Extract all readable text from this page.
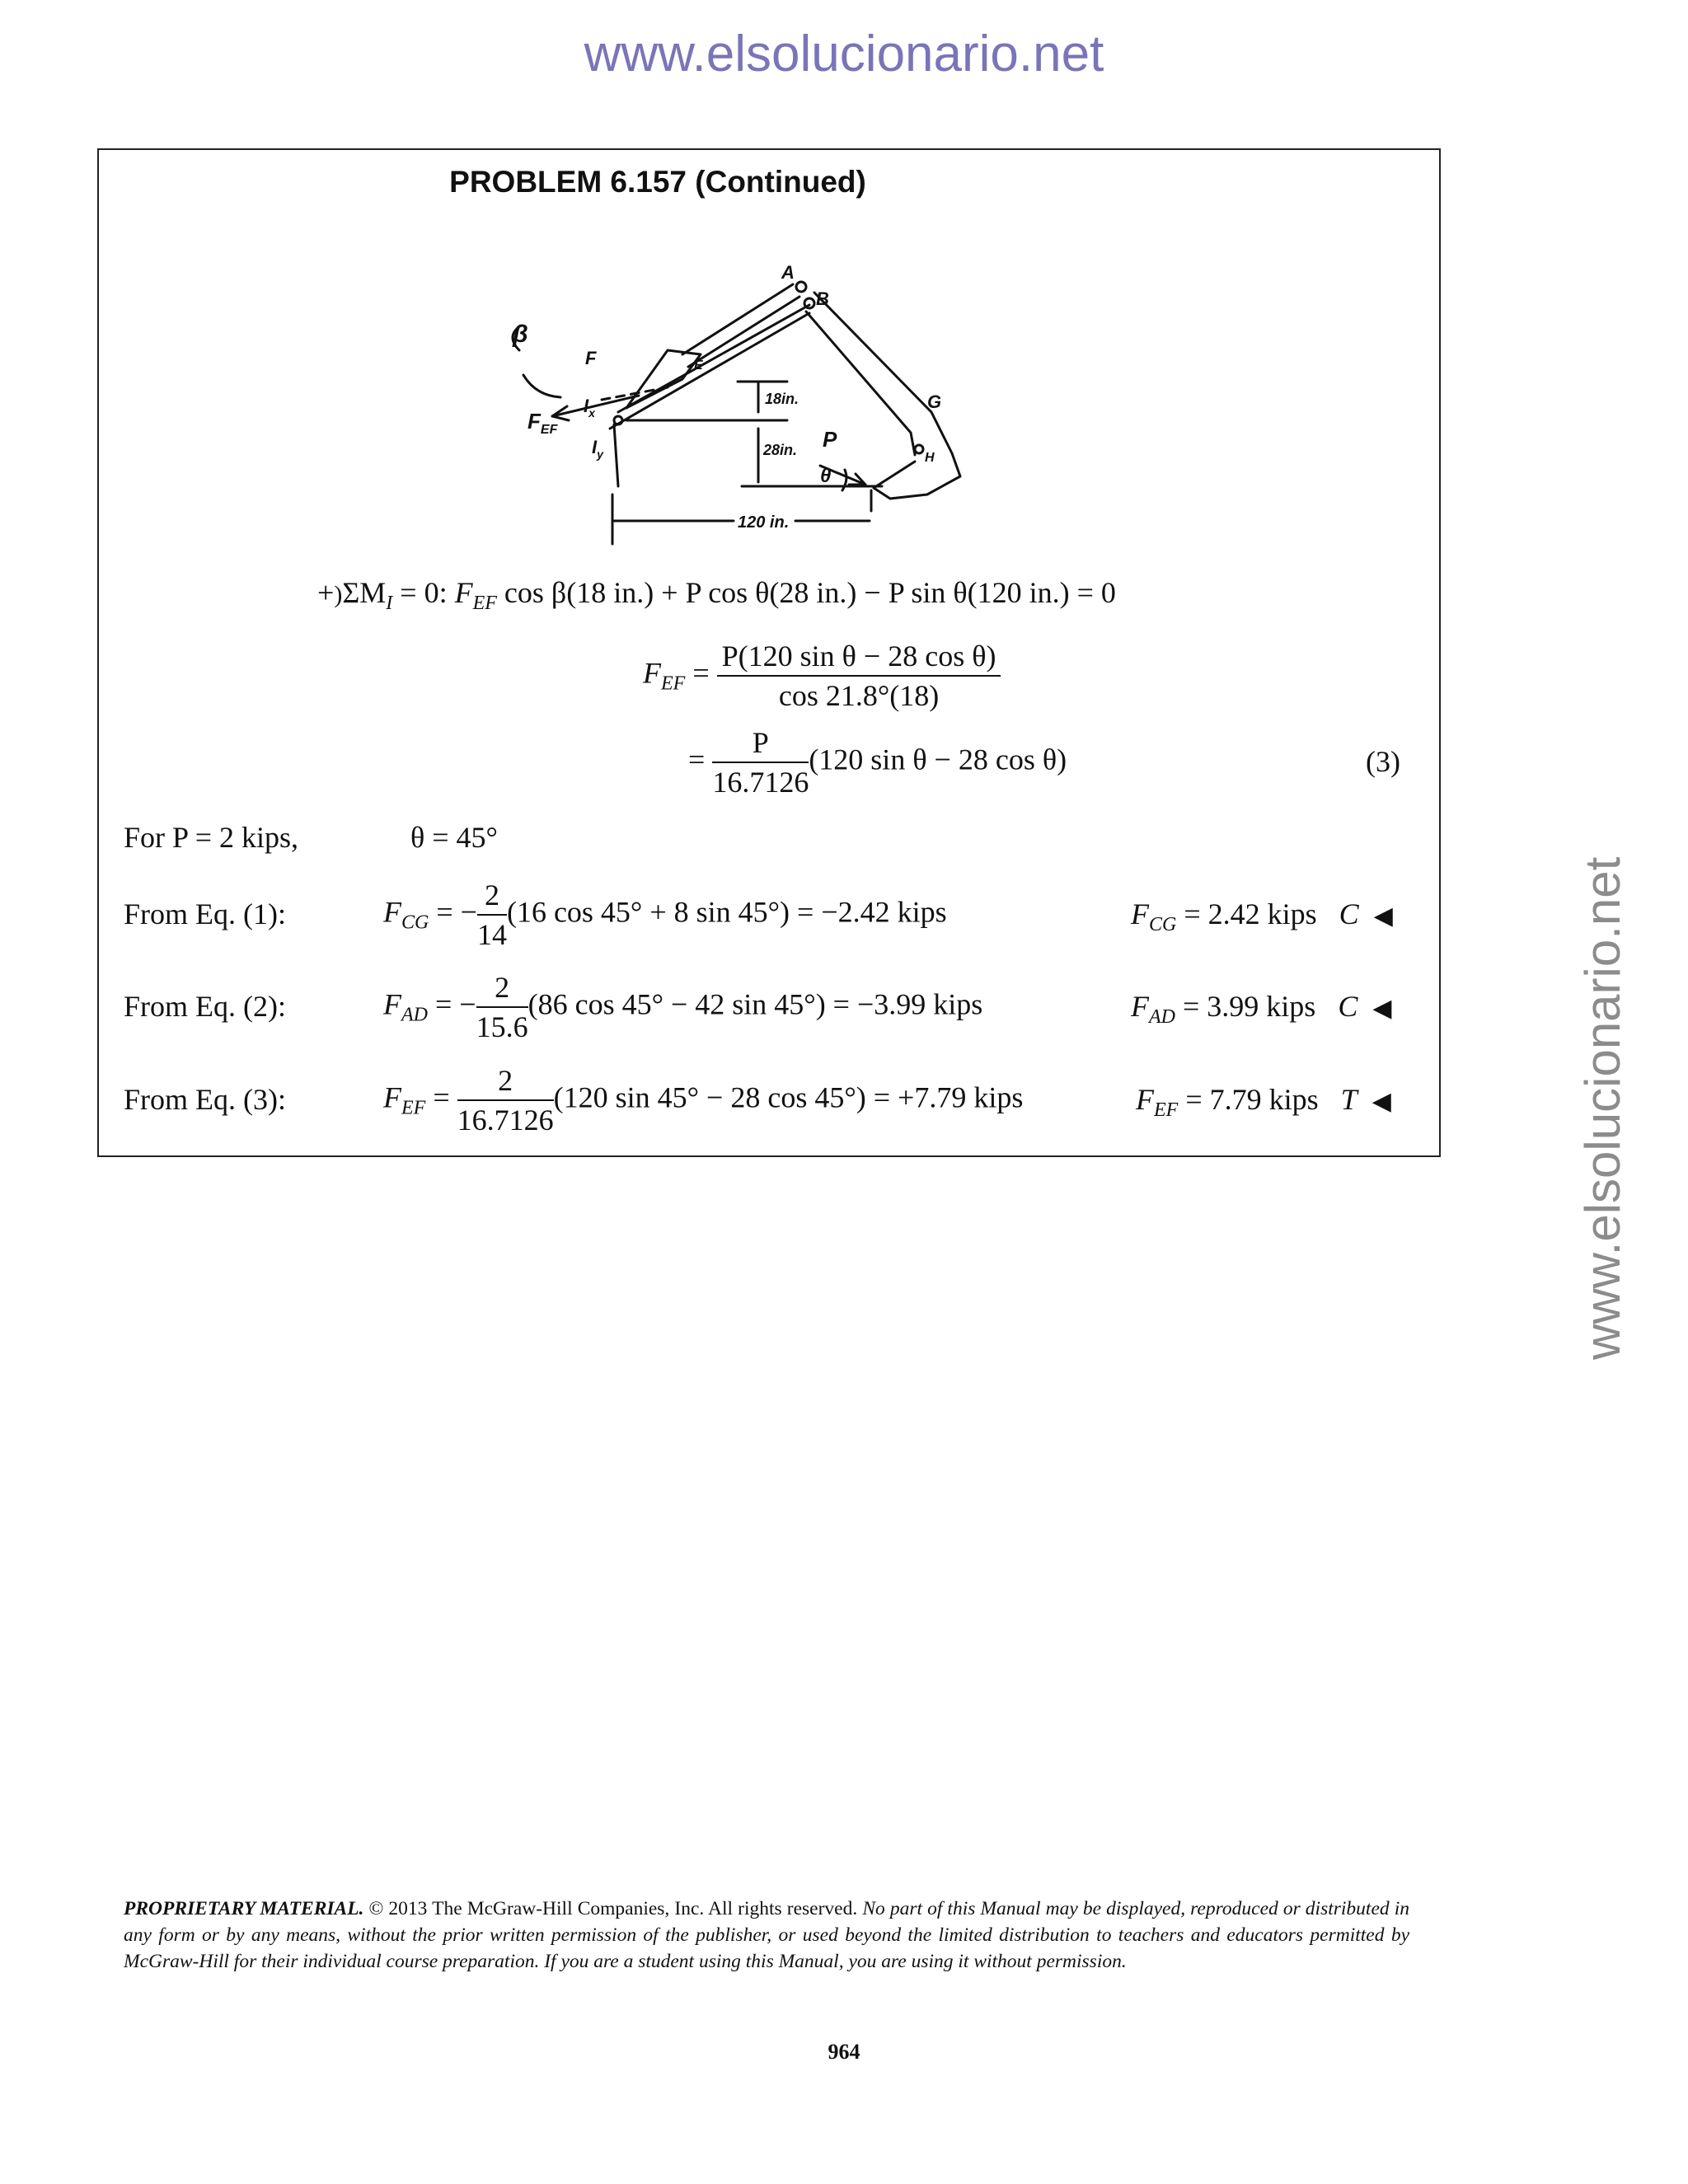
www.elsolucionario.net
www.elsolucionario.net
PROBLEM 6.157 (Continued)
A
B
G
H
E
F
β
$F_{EF}$
$I_x$
$I_y$
P
θ
18in.
28in.
120 in.
$+)\Sigma M_I = 0$: $F_{EF}$ cos β(18 in.) + P cos θ(28 in.) − P sin θ(120 in.) = 0
$F_{EF} = \frac{\text{P(120 sin θ − 28 cos θ)}}{\cos 21.8^\circ(18)}$
= $\frac{P}{16.7126} (120$ sin θ − 28 cos θ)	(3)
For P = 2 kips,	θ = 45°
From Eq. (1):	$F_{CG}$ = − $\frac{2}{14} (16$ cos 45° + 8 sin 45°) = −2.42 kips	$F_{CG} = 2.42$ kips C ◀
From Eq. (2):	$F_{AD}$ = − $\frac{2}{15.6} (86$ cos 45° − 42 sin 45°) = −3.99 kips	$F_{AD} = 3.99$ kips C ◀
From Eq. (3):	$F_{EF} = \frac{2}{16.7126} (120$ sin 45° − 28 cos 45°) = +7.79 kips	$F_{EF} = 7.79$ kips T ◀
PROPRIETARY MATERIAL. © 2013 The McGraw-Hill Companies, Inc. All rights reserved. No part of this Manual may be displayed, reproduced or distributed in any form or by any means, without the prior written permission of the publisher, or used beyond the limited distribution to teachers and educators permitted by McGraw-Hill for their individual course preparation. If you are a student using this Manual, you are using it without permission.
964
